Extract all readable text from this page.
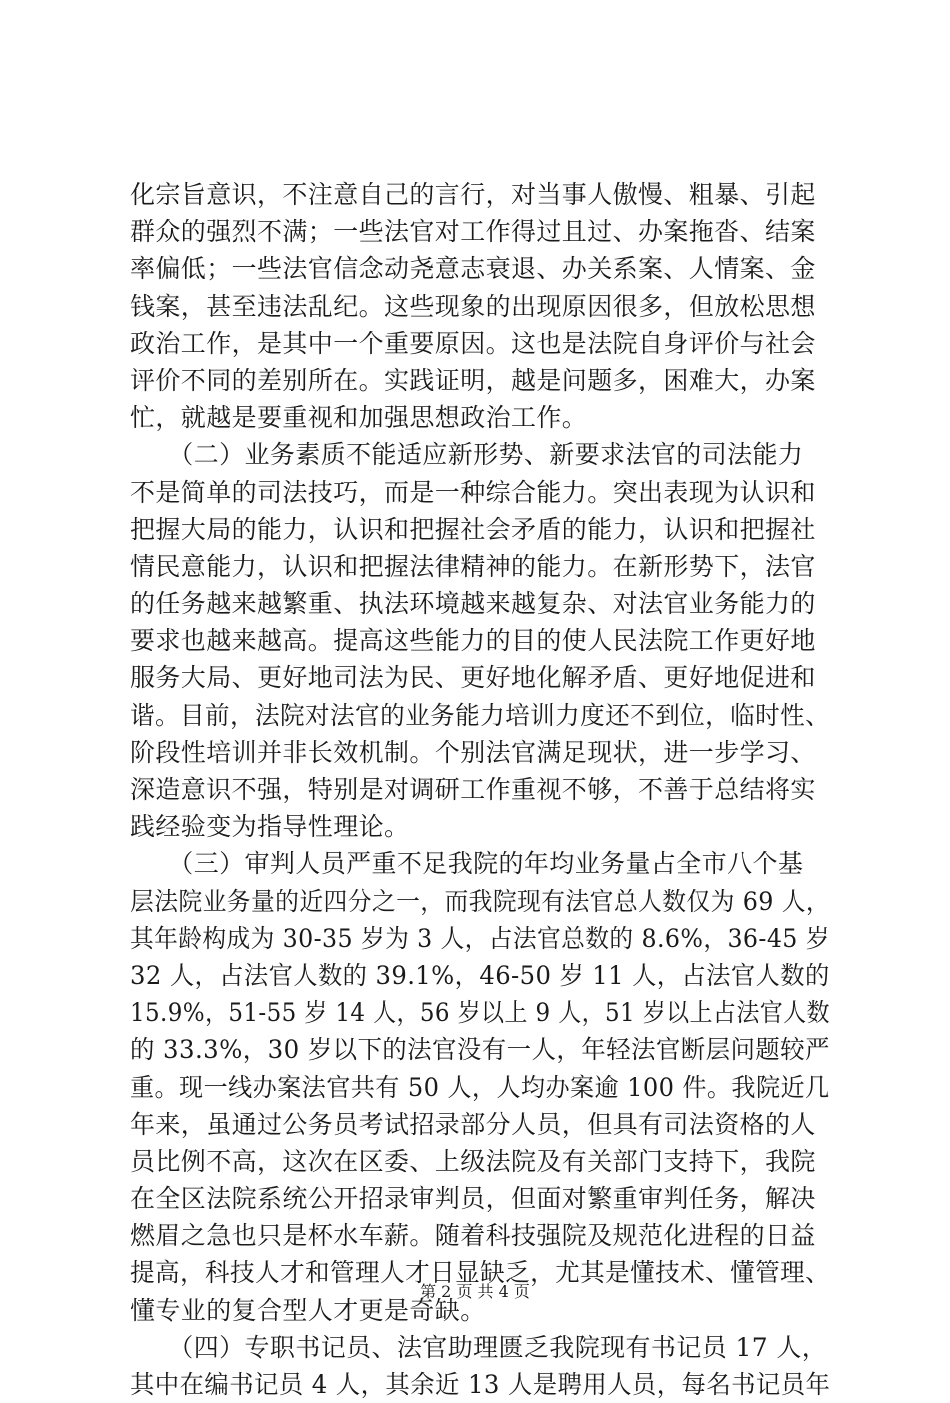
化宗旨意识，不注意自己的言行，对当事人傲慢、粗暴、引起
群众的强烈不满；一些法官对工作得过且过、办案拖沓、结案
率偏低；一些法官信念动尧意志衰退、办关系案、人情案、金
钱案，甚至违法乱纪。这些现象的出现原因很多，但放松思想
政治工作，是其中一个重要原因。这也是法院自身评价与社会
评价不同的差别所在。实践证明，越是问题多，困难大，办案
忙，就越是要重视和加强思想政治工作。
　　（二）业务素质不能适应新形势、新要求法官的司法能力
不是简单的司法技巧，而是一种综合能力。突出表现为认识和
把握大局的能力，认识和把握社会矛盾的能力，认识和把握社
情民意能力，认识和把握法律精神的能力。在新形势下，法官
的任务越来越繁重、执法环境越来越复杂、对法官业务能力的
要求也越来越高。提高这些能力的目的使人民法院工作更好地
服务大局、更好地司法为民、更好地化解矛盾、更好地促进和
谐。目前，法院对法官的业务能力培训力度还不到位，临时性、
阶段性培训并非长效机制。个别法官满足现状，进一步学习、
深造意识不强，特别是对调研工作重视不够，不善于总结将实
践经验变为指导性理论。
　　（三）审判人员严重不足我院的年均业务量占全市八个基
层法院业务量的近四分之一，而我院现有法官总人数仅为 69 人，
其年龄构成为 30-35 岁为 3 人，占法官总数的 8.6%，36-45 岁
32 人，占法官人数的 39.1%，46-50 岁 11 人，占法官人数的
15.9%，51-55 岁 14 人，56 岁以上 9 人，51 岁以上占法官人数
的 33.3%，30 岁以下的法官没有一人，年轻法官断层问题较严
重。现一线办案法官共有 50 人，人均办案逾 100 件。我院近几
年来，虽通过公务员考试招录部分人员，但具有司法资格的人
员比例不高，这次在区委、上级法院及有关部门支持下，我院
在全区法院系统公开招录审判员，但面对繁重审判任务，解决
燃眉之急也只是杯水车薪。随着科技强院及规范化进程的日益
提高，科技人才和管理人才日显缺乏，尤其是懂技术、懂管理、
懂专业的复合型人才更是奇缺。
　　（四）专职书记员、法官助理匮乏我院现有书记员 17 人，
其中在编书记员 4 人，其余近 13 人是聘用人员，每名书记员年
第 2 页 共 4 页
